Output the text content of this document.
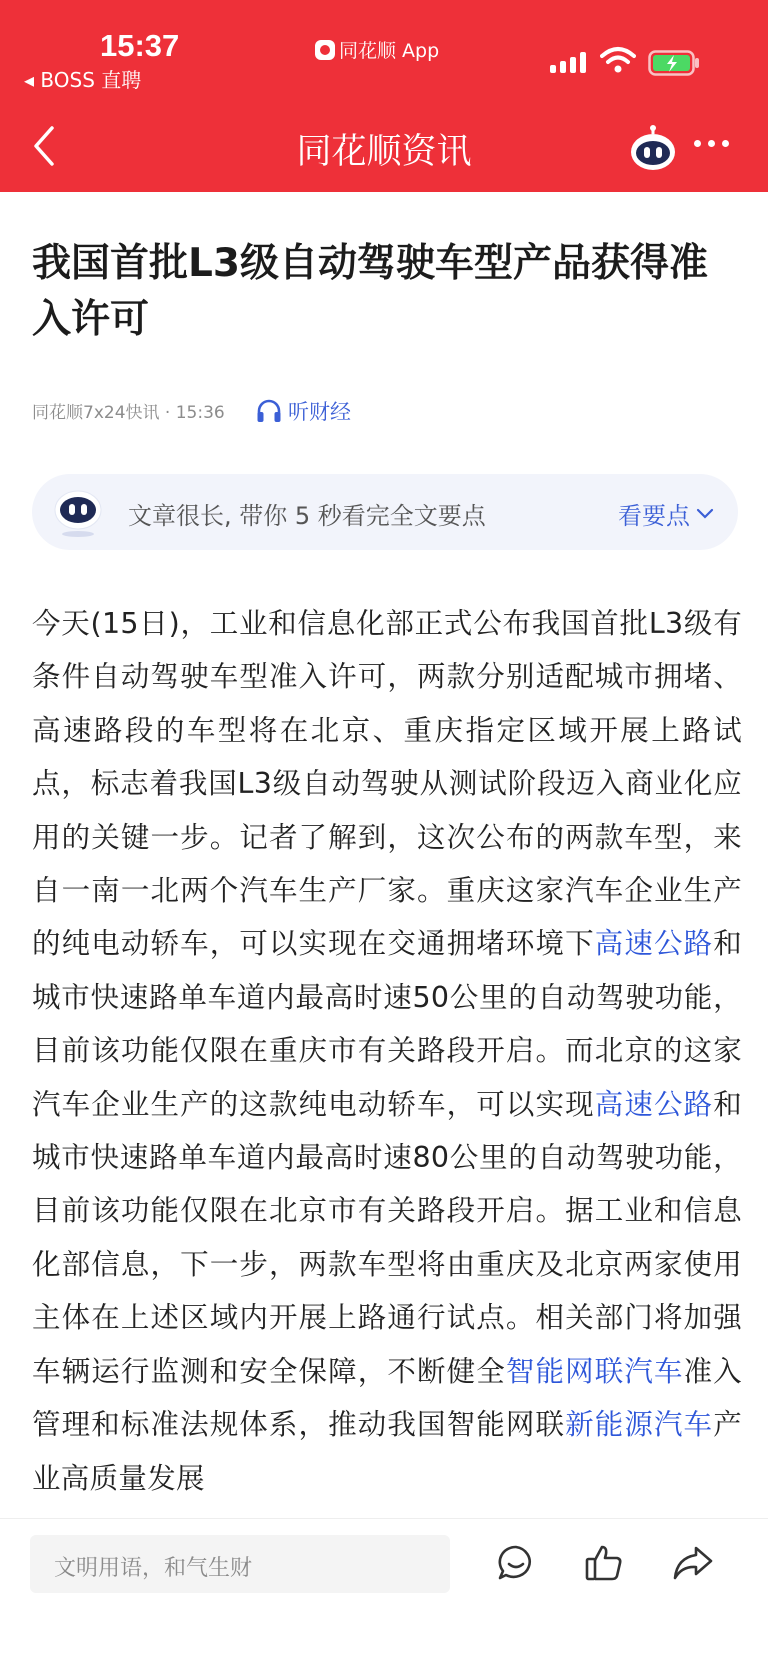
15:37
◂ BOSS 直聘
同花顺 App
同花顺资讯
我国首批L3级自动驾驶车型产品获得准入许可
同花顺7x24快讯 · 15:36	听财经
文章很长, 带你 5 秒看完全文要点	看要点
今天(15日)，工业和信息化部正式公布我国首批L3级有条件自动驾驶车型准入许可，两款分别适配城市拥堵、高速路段的车型将在北京、重庆指定区域开展上路试点，标志着我国L3级自动驾驶从测试阶段迈入商业化应用的关键一步。记者了解到，这次公布的两款车型，来自一南一北两个汽车生产厂家。重庆这家汽车企业生产的纯电动轿车，可以实现在交通拥堵环境下高速公路和城市快速路单车道内最高时速50公里的自动驾驶功能，目前该功能仅限在重庆市有关路段开启。而北京的这家汽车企业生产的这款纯电动轿车，可以实现高速公路和城市快速路单车道内最高时速80公里的自动驾驶功能，目前该功能仅限在北京市有关路段开启。据工业和信息化部信息，下一步，两款车型将由重庆及北京两家使用主体在上述区域内开展上路通行试点。相关部门将加强车辆运行监测和安全保障，不断健全智能网联汽车准入管理和标准法规体系，推动我国智能网联新能源汽车产业高质量发展
文明用语，和气生财
